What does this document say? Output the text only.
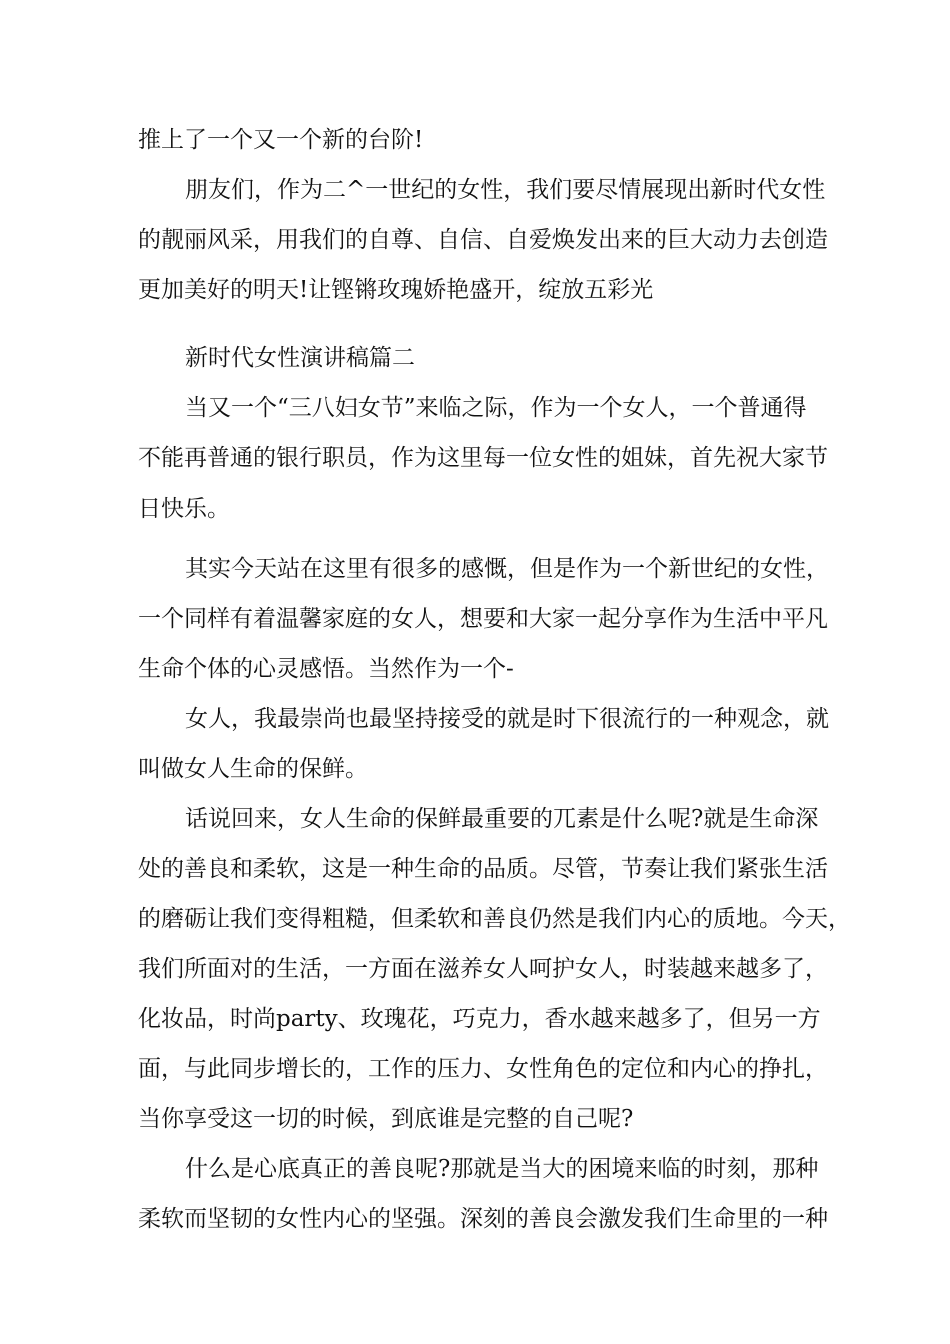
推上了一个又一个新的台阶!

朋友们，作为二^一世纪的女性，我们要尽情展现出新时代女性

的靓丽风采，用我们的自尊、自信、自爱焕发出来的巨大动力去创造

更加美好的明天!让铿锵玫瑰娇艳盛开，绽放五彩光

新时代女性演讲稿篇二

当又一个“三八妇女节”来临之际，作为一个女人，一个普通得

不能再普通的银行职员，作为这里每一位女性的姐妹，首先祝大家节

日快乐。

其实今天站在这里有很多的感慨，但是作为一个新世纪的女性，

一个同样有着温馨家庭的女人，想要和大家一起分享作为生活中平凡

生命个体的心灵感悟。当然作为一个-

女人，我最崇尚也最坚持接受的就是时下很流行的一种观念，就

叫做女人生命的保鲜。

话说回来，女人生命的保鲜最重要的兀素是什么呢?就是生命深

处的善良和柔软，这是一种生命的品质。尽管，节奏让我们紧张生活

的磨砺让我们变得粗糙，但柔软和善良仍然是我们内心的质地。今天，

我们所面对的生活，一方面在滋养女人呵护女人，时装越来越多了，

化妆品，时尚party、玫瑰花，巧克力，香水越来越多了，但另一方

面，与此同步增长的，工作的压力、女性角色的定位和内心的挣扎，

当你享受这一切的时候，到底谁是完整的自己呢?

什么是心底真正的善良呢?那就是当大的困境来临的时刻，那种

柔软而坚韧的女性内心的坚强。深刻的善良会激发我们生命里的一种
